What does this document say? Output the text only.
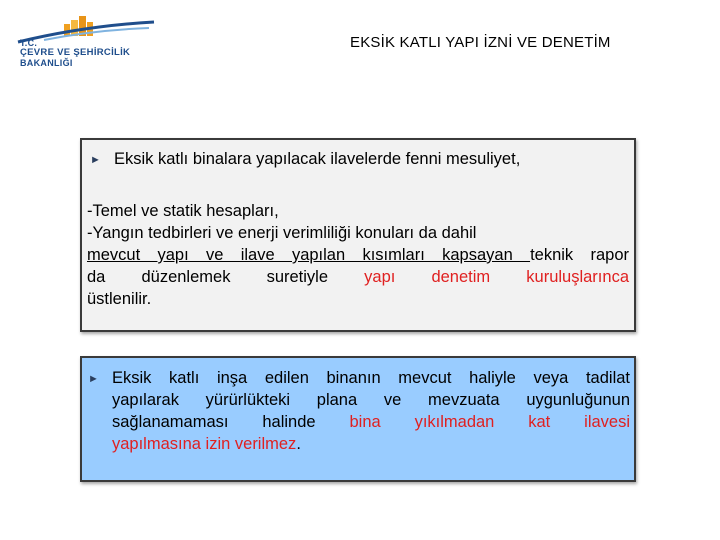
T.C.
ÇEVRE VE ŞEHİRCİLİK
BAKANLIĞI
EKSİK KATLI YAPI İZNİ VE DENETİM
► Eksik katlı binalara yapılacak ilavelerde fenni mesuliyet,
-Temel ve statik hesapları,
-Yangın tedbirleri ve enerji verimliliği konuları da dahil
mevcut yapı ve ilave yapılan kısımları kapsayan teknik rapor
da düzenlemek suretiyle yapı denetim kuruluşlarınca
üstlenilir.
► Eksik katlı inşa edilen binanın mevcut haliyle veya tadilat
yapılarak yürürlükteki plana ve mevzuata uygunluğunun
sağlanamaması halinde bina yıkılmadan kat ilavesi
yapılmasına izin verilmez.
